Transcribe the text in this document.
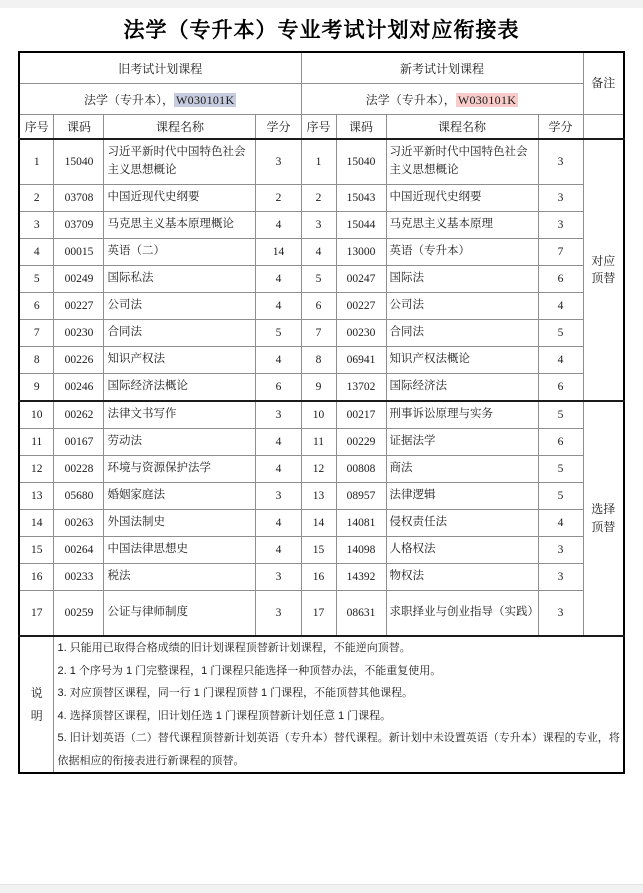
法学（专升本）专业考试计划对应衔接表
旧考试计划课程				新考试计划课程				备注
法学（专升本）， W030101K				法学（专升本）， W030101K				
序号	课码	课程名称	学分	序号	课码	课程名称	学分	
1	15040	习近平新时代中国特色社会主义思想概论	3	1	15040	习近平新时代中国特色社会主义思想概论	3	对应
顶替

2	03708	中国近现代史纲要	2	2	15043	中国近现代史纲要	3	
3	03709	马克思主义基本原理概论	4	3	15044	马克思主义基本原理	3	
4	00015	英语（二）	14	4	13000	英语（专升本）	7	
5	00249	国际私法	4	5	00247	国际法	6	
6	00227	公司法	4	6	00227	公司法	4	
7	00230	合同法	5	7	00230	合同法	5	
8	00226	知识产权法	4	8	06941	知识产权法概论	4	
9	00246	国际经济法概论	6	9	13702	国际经济法	6	
10	00262	法律文书写作	3	10	00217	刑事诉讼原理与实务	5	选择
顶替

11	00167	劳动法	4	11	00229	证据法学	6	
12	00228	环境与资源保护法学	4	12	00808	商法	5	
13	05680	婚姻家庭法	3	13	08957	法律逻辑	5	
14	00263	外国法制史	4	14	14081	侵权责任法	4	
15	00264	中国法律思想史	4	15	14098	人格权法	3	
16	00233	税法	3	16	14392	物权法	3	
17	00259	公证与律师制度	3	17	08631	求职择业与创业指导（实践）	3	

说
明

1. 只能用已取得合格成绩的旧计划课程顶替新计划课程，不能逆向顶替。
2. 1 个序号为 1 门完整课程，1 门课程只能选择一种顶替办法，不能重复使用。
3. 对应顶替区课程，同一行 1 门课程顶替 1 门课程，不能顶替其他课程。
4. 选择顶替区课程，旧计划任选 1 门课程顶替新计划任意 1 门课程。
5. 旧计划英语（二）替代课程顶替新计划英语（专升本）替代课程。新计划中未设置英语（专升本）课程的专业，将依据相应的衔接表进行新课程的顶替。
